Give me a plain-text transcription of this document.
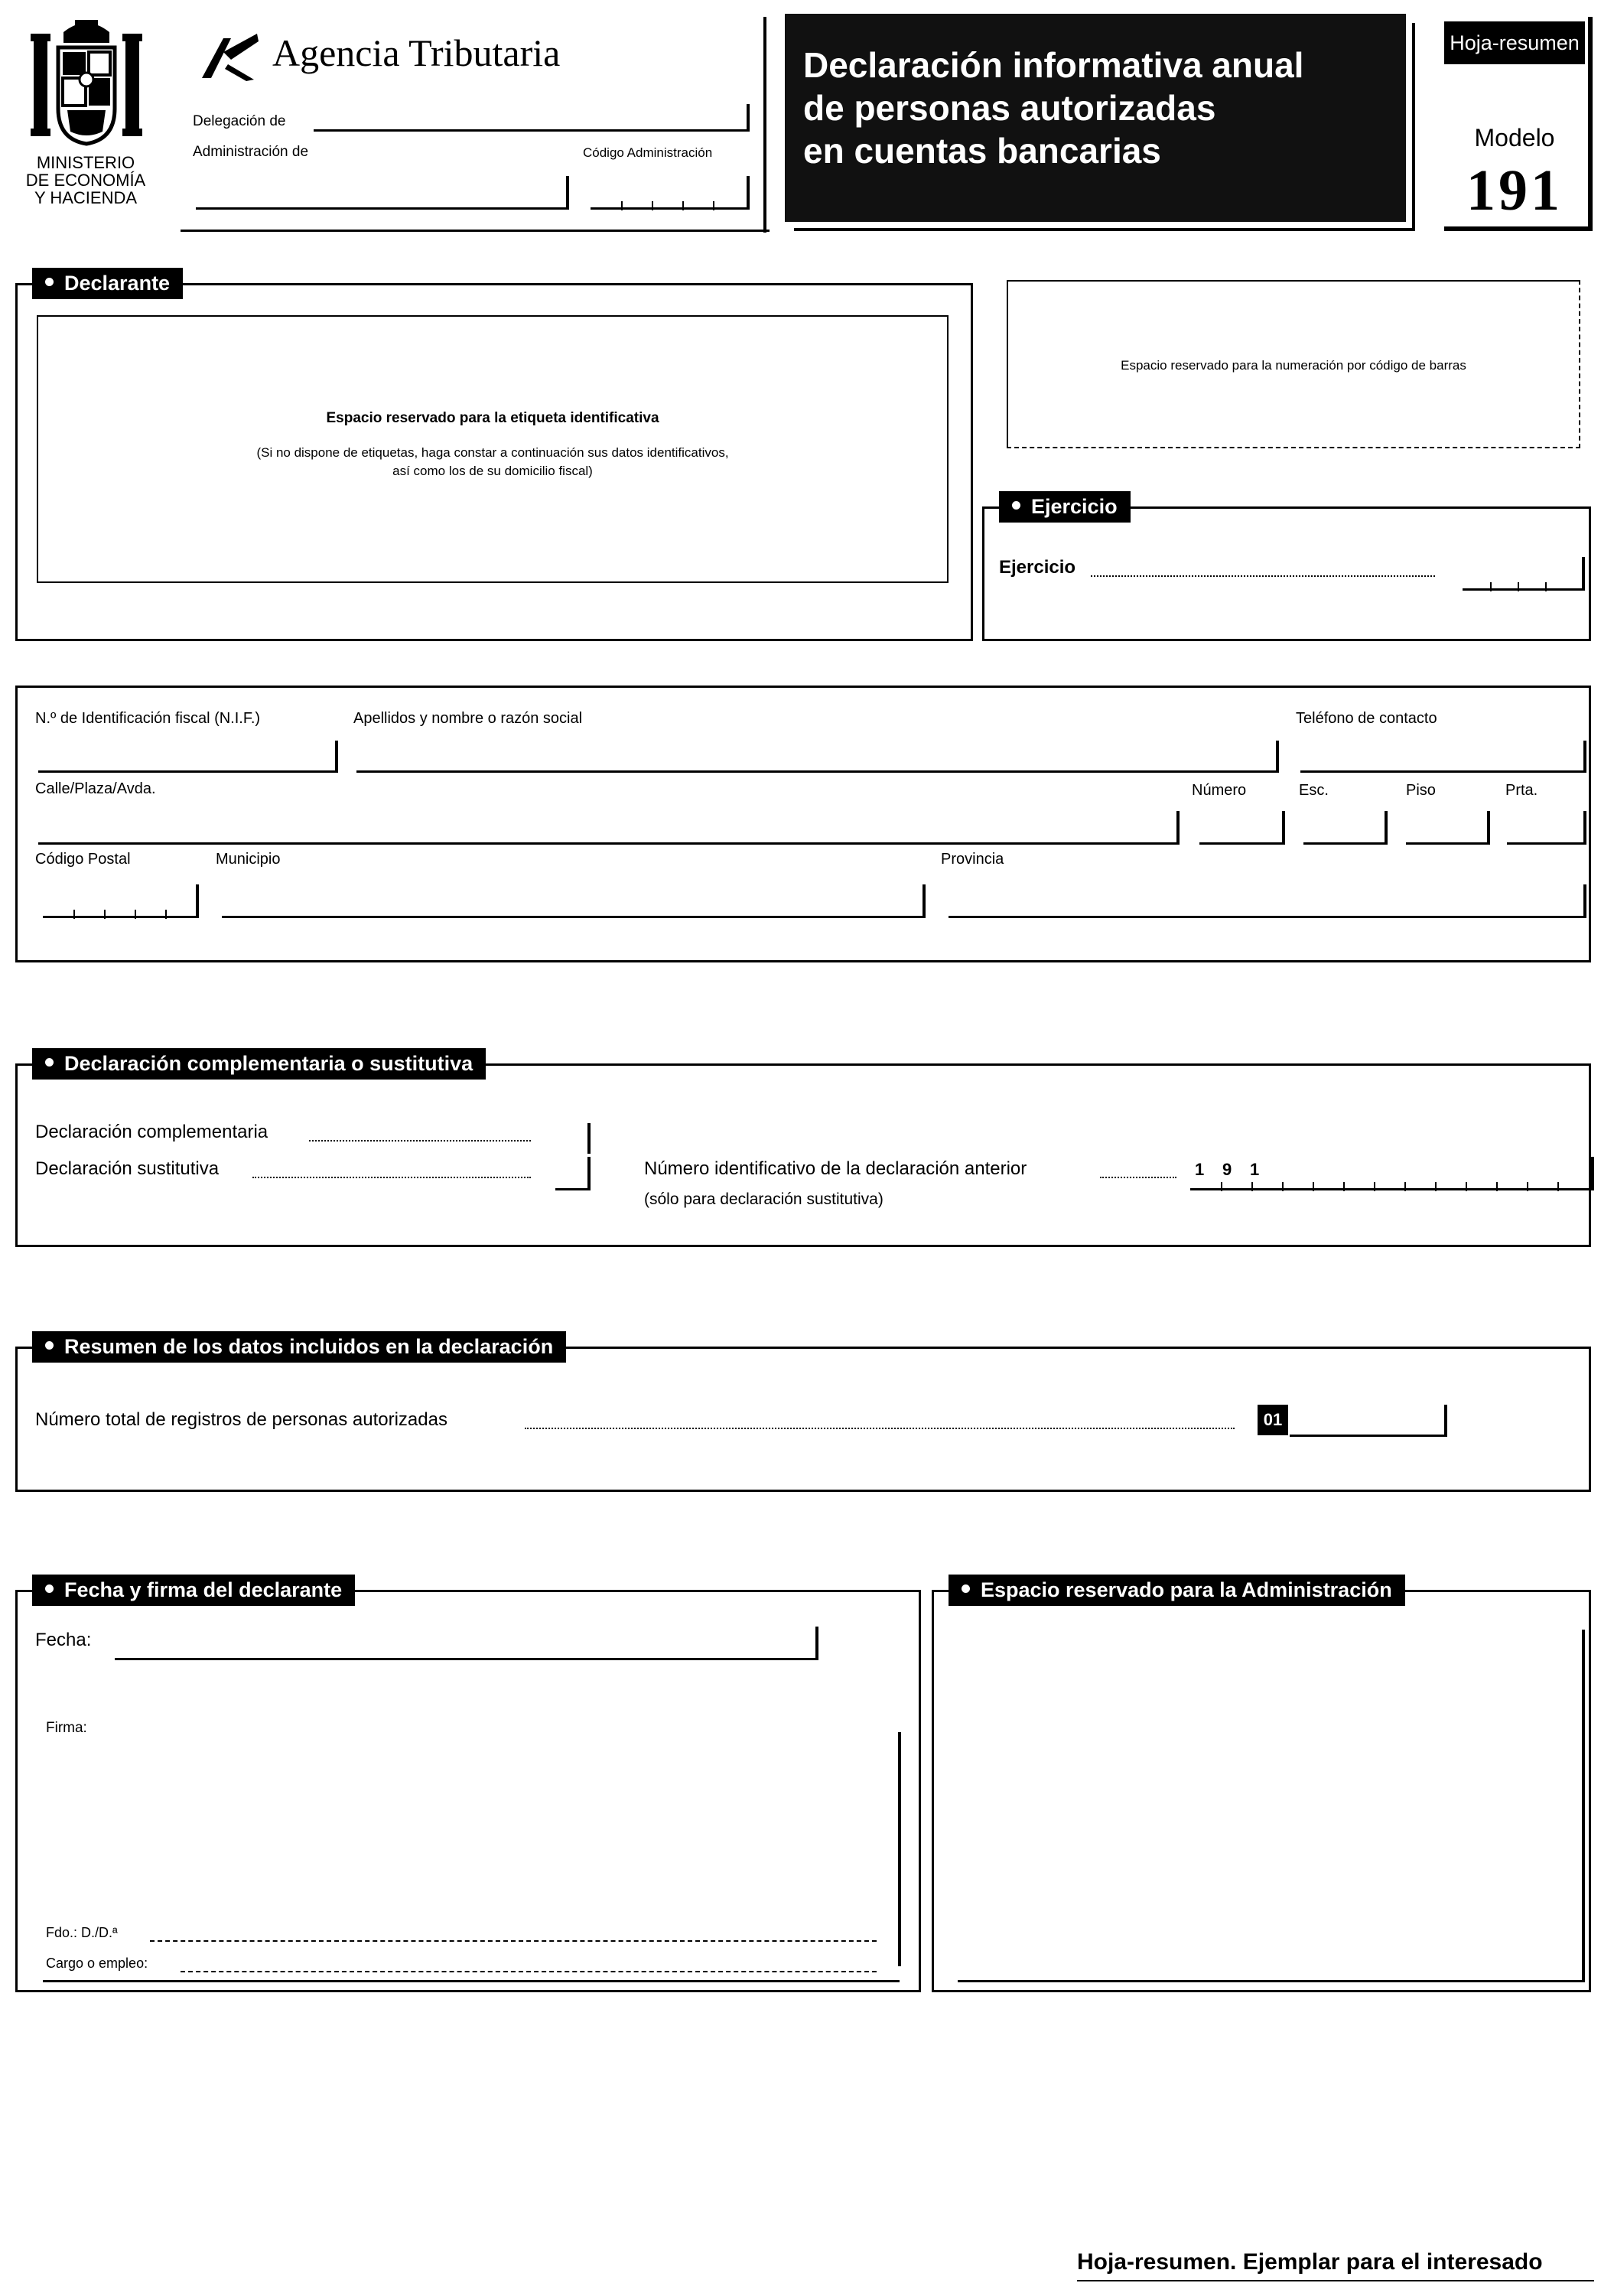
MINISTERIO
DE ECONOMÍA
Y HACIENDA
Agencia Tributaria
Delegación de
Administración de	Código Administración
Declaración informativa anual
de personas autorizadas
en cuentas bancarias
Hoja-resumen
Modelo
191
Declarante
Espacio reservado para la etiqueta identificativa
(Si no dispone de etiquetas, haga constar a continuación sus datos identificativos,
así como los de su domicilio fiscal)
Espacio reservado para la numeración por código de barras
Ejercicio
Ejercicio
N.º de Identificación fiscal (N.I.F.)	Apellidos y nombre o razón social	Teléfono de contacto
Calle/Plaza/Avda.	Número	Esc.	Piso	Prta.
Código Postal	Municipio	Provincia
Declaración complementaria o sustitutiva
Declaración complementaria
Declaración sustitutiva	Número identificativo de la declaración anterior
(sólo para declaración sustitutiva)
1 9 1
Resumen de los datos incluidos en la declaración
Número total de registros de personas autorizadas	01
Fecha y firma del declarante
Fecha:
Firma:
Fdo.: D./D.ª
Cargo o empleo:
Espacio reservado para la Administración
Hoja-resumen. Ejemplar para el interesado
